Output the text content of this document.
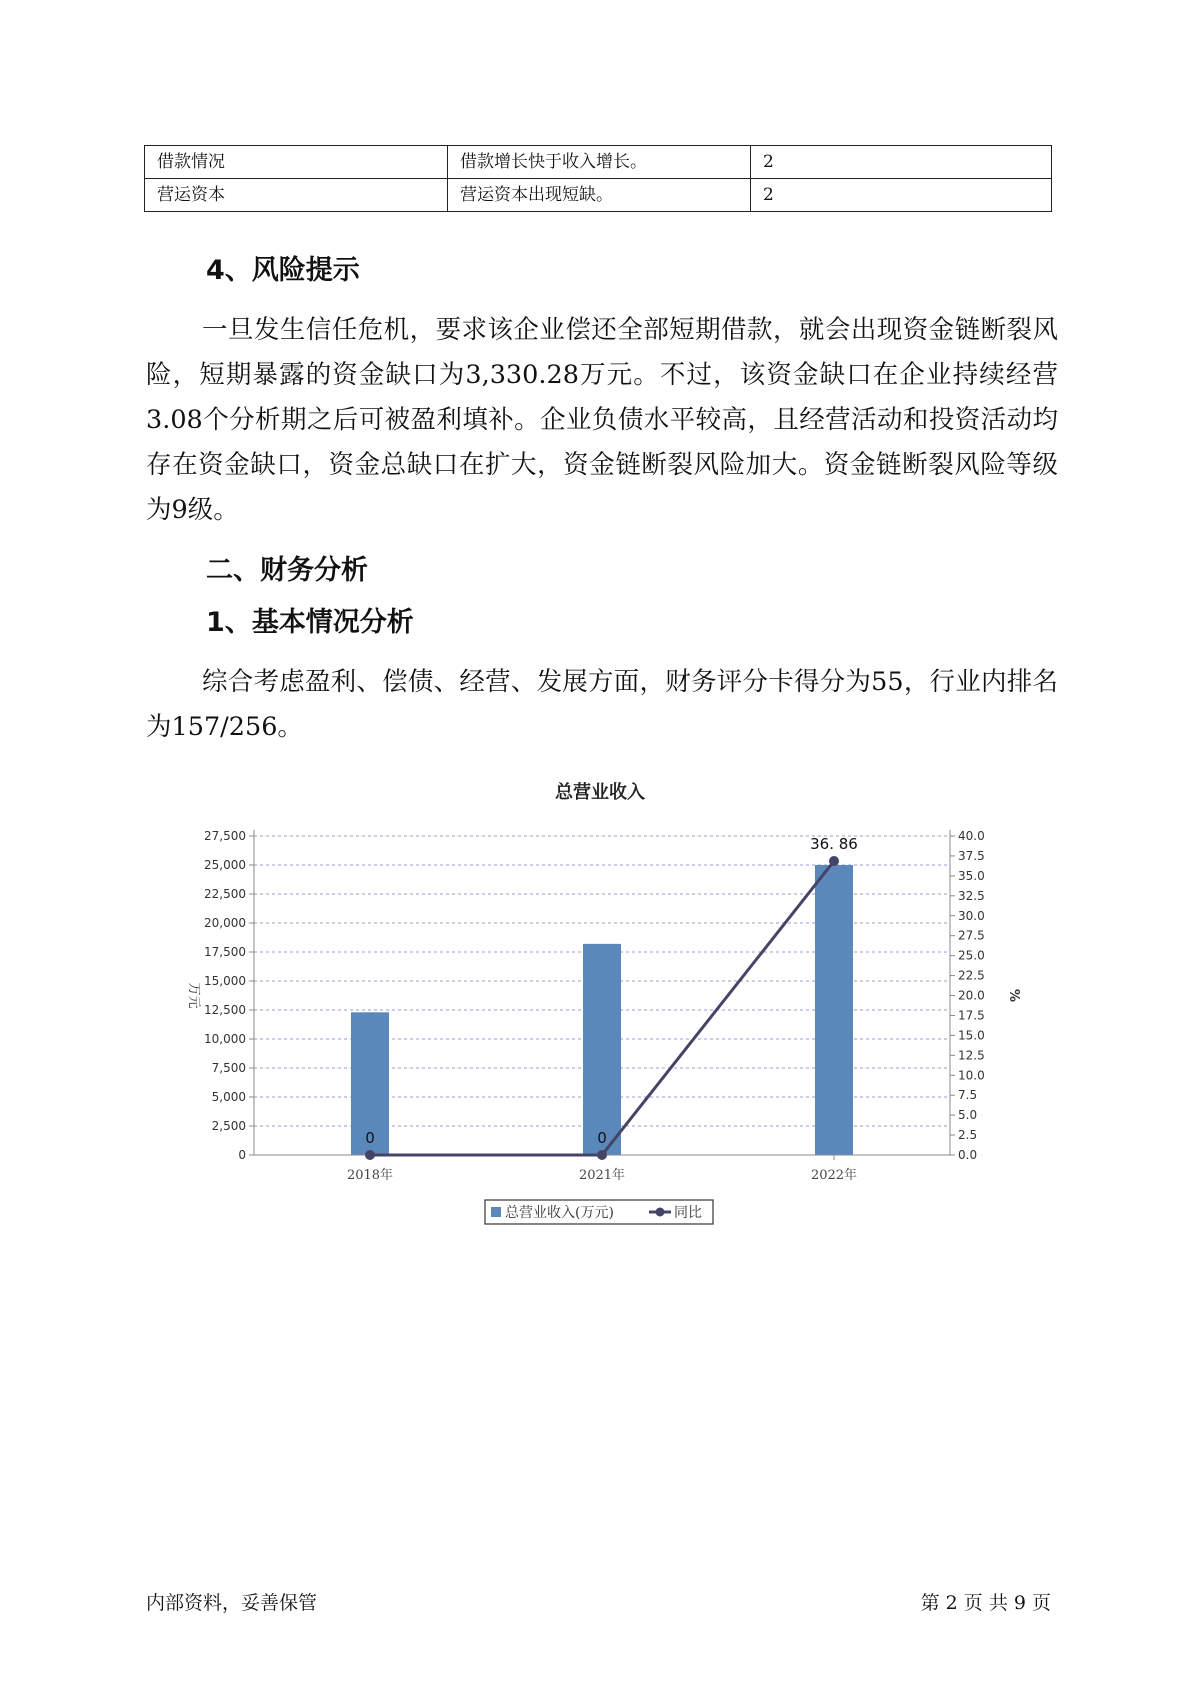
借款情况	借款增长快于收入增长。	2
营运资本	营运资本出现短缺。	2
4、风险提示

一旦发生信任危机，要求该企业偿还全部短期借款，就会出现资金链断裂风险，短期暴露的资金缺口为3,330.28万元。不过，该资金缺口在企业持续经营 3.08个分析期之后可被盈利填补。企业负债水平较高，且经营活动和投资活动均存在资金缺口，资金总缺口在扩大，资金链断裂风险加大。资金链断裂风险等级为9级。

二、财务分析
1、基本情况分析

综合考虑盈利、偿债、经营、发展方面，财务评分卡得分为55，行业内排名为157/256。

总营业收入
0
2,500
5,000
7,500
10,000
12,500
15,000
17,500
20,000
22,500
25,000
27,500
0.0
2.5
5.0
7.5
10.0
12.5
15.0
17.5
20.0
22.5
25.0
27.5
30.0
32.5
35.0
37.5
40.0
万元	%
2018年	2021年	2022年
0	0
36. 86
总营业收入(万元)	同比
内部资料，妥善保管	第 2 页 共 9 页
